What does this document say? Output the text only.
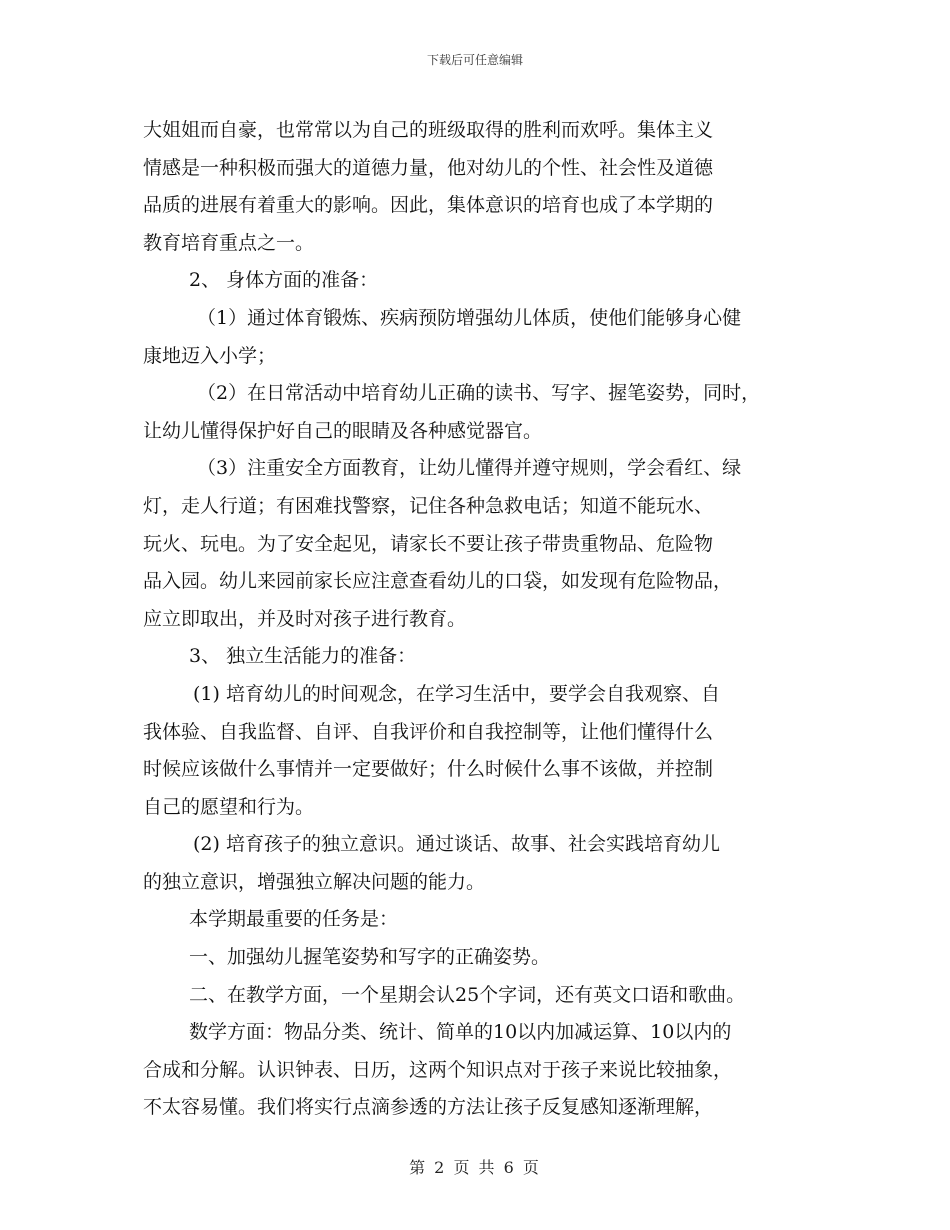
下载后可任意编辑
大姐姐而自豪，也常常以为自己的班级取得的胜利而欢呼。集体主义
情感是一种积极而强大的道德力量，他对幼儿的个性、社会性及道德
品质的进展有着重大的影响。因此，集体意识的培育也成了本学期的
教育培育重点之一。
2、 身体方面的准备：
（1）通过体育锻炼、疾病预防增强幼儿体质，使他们能够身心健
康地迈入小学；
（2）在日常活动中培育幼儿正确的读书、写字、握笔姿势，同时，
让幼儿懂得保护好自己的眼睛及各种感觉器官。
（3）注重安全方面教育，让幼儿懂得并遵守规则，学会看红、绿
灯，走人行道；有困难找警察，记住各种急救电话；知道不能玩水、
玩火、玩电。为了安全起见，请家长不要让孩子带贵重物品、危险物
品入园。幼儿来园前家长应注意查看幼儿的口袋，如发现有危险物品，
应立即取出，并及时对孩子进行教育。
3、 独立生活能力的准备：
(1) 培育幼儿的时间观念，在学习生活中，要学会自我观察、自
我体验、自我监督、自评、自我评价和自我控制等，让他们懂得什么
时候应该做什么事情并一定要做好；什么时候什么事不该做，并控制
自己的愿望和行为。
(2) 培育孩子的独立意识。通过谈话、故事、社会实践培育幼儿
的独立意识，增强独立解决问题的能力。
本学期最重要的任务是：
一、加强幼儿握笔姿势和写字的正确姿势。
二、在教学方面，一个星期会认25个字词，还有英文口语和歌曲。
数学方面：物品分类、统计、简单的10以内加减运算、10以内的
合成和分解。认识钟表、日历，这两个知识点对于孩子来说比较抽象，
不太容易懂。我们将实行点滴参透的方法让孩子反复感知逐渐理解，
第 2 页 共 6 页
